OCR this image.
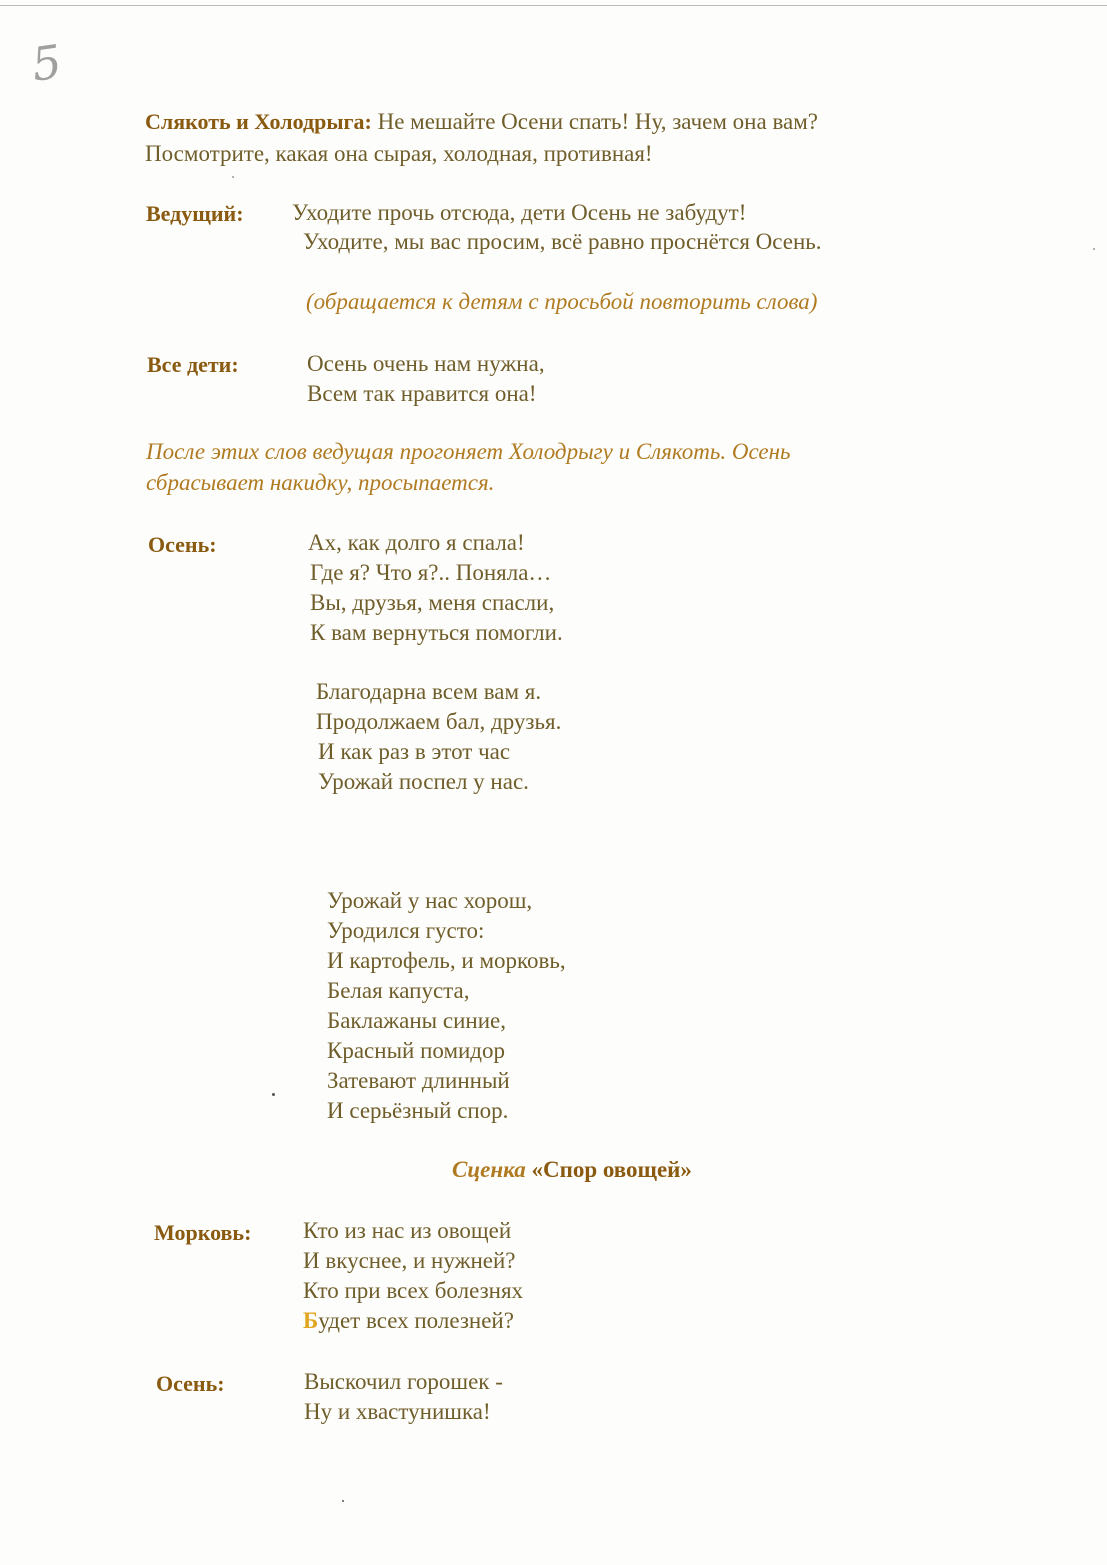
5
Слякоть и Холодрыга: Не мешайте Осени спать! Ну, зачем она вам?
Посмотрите, какая она сырая, холодная, противная!
Ведущий: Уходите прочь отсюда, дети Осень не забудут!
Уходите, мы вас просим, всё равно проснётся Осень.
(обращается к детям с просьбой повторить слова)
Все дети:	Осень очень нам нужна,
Всем так нравится она!
После этих слов ведущая прогоняет Холодрыгу и Слякоть. Осень
сбрасывает накидку, просыпается.
Осень:	Ах, как долго я спала!
Где я? Что я?.. Поняла…
Вы, друзья, меня спасли,
К вам вернуться помогли.
Благодарна всем вам я.
Продолжаем бал, друзья.
И как раз в этот час
Урожай поспел у нас.
Урожай у нас хорош,
Уродился густо:
И картофель, и морковь,
Белая капуста,
Баклажаны синие,
Красный помидор
Затевают длинный
И серьёзный спор.
Сценка «Спор овощей»
Морковь: Кто из нас из овощей
И вкуснее, и нужней?
Кто при всех болезнях
Будет всех полезней?
Осень:	Выскочил горошек -
Ну и хвастунишка!
